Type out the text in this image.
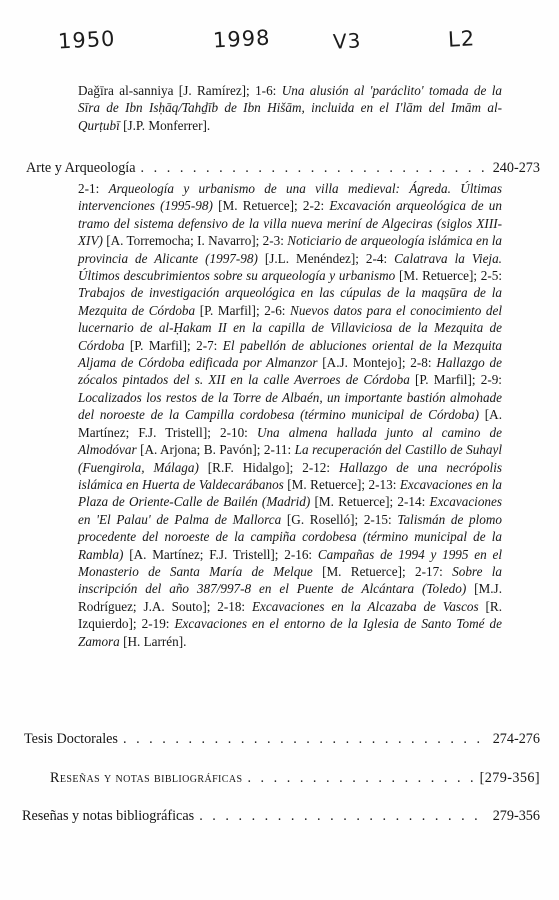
1950	1998	V3	L2

Daǧīra al-sanniya [J. Ramírez]; 1-6: Una alusión al 'paráclito' tomada de la Sīra de Ibn Isḥāq/Tahḏīb de Ibn Hišām, incluida en el I'lām del Imām al-Qurṭubī [J.P. Monferrer].

Arte y Arqueología . . .	240-273

2-1: Arqueología y urbanismo de una villa medieval: Ágreda. Últimas intervenciones (1995-98) [M. Retuerce]; 2-2: Excavación arqueológica de un tramo del sistema defensivo de la villa nueva meriní de Algeciras (siglos XIII-XIV) [A. Torremocha; I. Navarro]; 2-3: Noticiario de arqueología islámica en la provincia de Alicante (1997-98) [J.L. Menéndez]; 2-4: Calatrava la Vieja. Últimos descubrimientos sobre su arqueología y urbanismo [M. Retuerce]; 2-5: Trabajos de investigación arqueológica en las cúpulas de la maqṣūra de la Mezquita de Córdoba [P. Marfil]; 2-6: Nuevos datos para el conocimiento del lucernario de al-Ḥakam II en la capilla de Villaviciosa de la Mezquita de Córdoba [P. Marfil]; 2-7: El pabellón de abluciones oriental de la Mezquita Aljama de Córdoba edificada por Almanzor [A.J. Montejo]; 2-8: Hallazgo de zócalos pintados del s. XII en la calle Averroes de Córdoba [P. Marfil]; 2-9: Localizados los restos de la Torre de Albaén, un importante bastión almohade del noroeste de la Campilla cordobesa (término municipal de Córdoba) [A. Martínez; F.J. Tristell]; 2-10: Una almena hallada junto al camino de Almodóvar [A. Arjona; B. Pavón]; 2-11: La recuperación del Castillo de Suhayl (Fuengirola, Málaga) [R.F. Hidalgo]; 2-12: Hallazgo de una necrópolis islámica en Huerta de Valdecarábanos [M. Retuerce]; 2-13: Excavaciones en la Plaza de Oriente-Calle de Bailén (Madrid) [M. Retuerce]; 2-14: Excavaciones en 'El Palau' de Palma de Mallorca [G. Roselló]; 2-15: Talismán de plomo procedente del noroeste de la campiña cordobesa (término municipal de la Rambla) [A. Martínez; F.J. Tristell]; 2-16: Campañas de 1994 y 1995 en el Monasterio de Santa María de Melque [M. Retuerce]; 2-17: Sobre la inscripción del año 387/997-8 en el Puente de Alcántara (Toledo) [M.J. Rodríguez; J.A. Souto]; 2-18: Excavaciones en la Alcazaba de Vascos [R. Izquierdo]; 2-19: Excavaciones en el entorno de la Iglesia de Santo Tomé de Zamora [H. Larrén].

Tesis Doctorales . . .	274-276
Reseñas y notas bibliográficas . . .	[279-356]
Reseñas y notas bibliográficas . . .	279-356
